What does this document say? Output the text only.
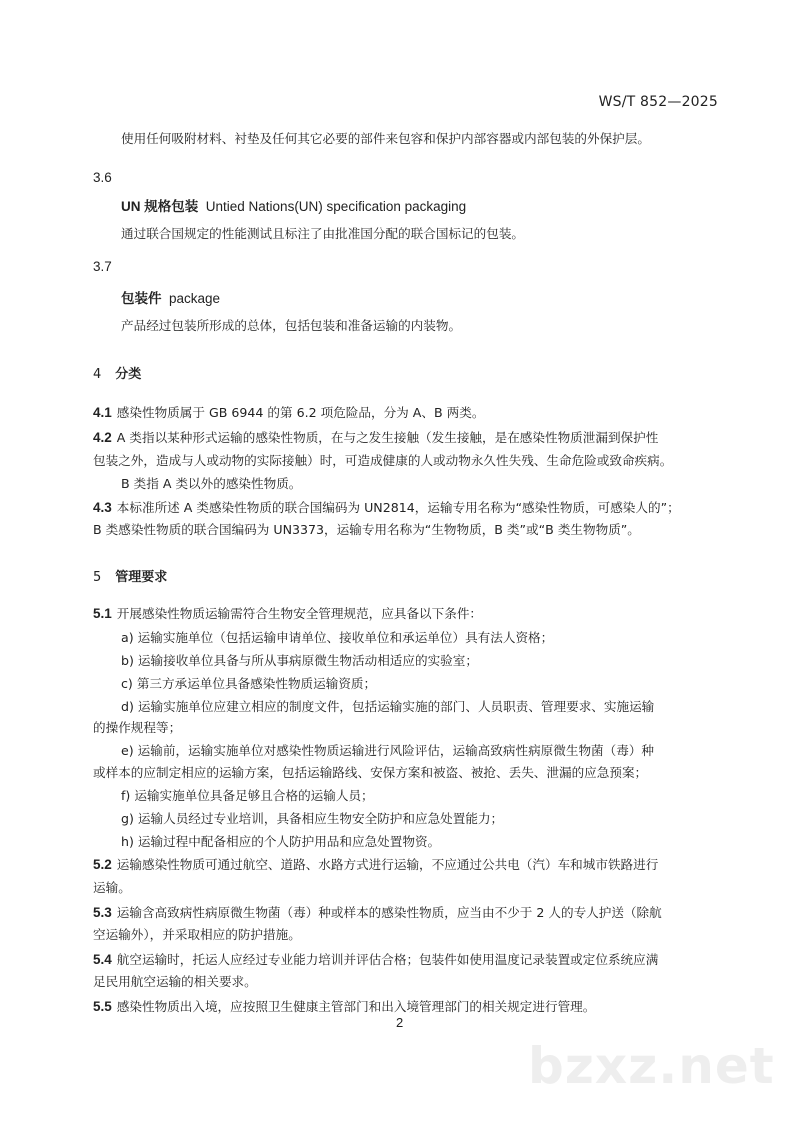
WS/T 852—2025
使用任何吸附材料、衬垫及任何其它必要的部件来包容和保护内部容器或内部包装的外保护层。
3.6
UN 规格包装 Untied Nations(UN) specification packaging
通过联合国规定的性能测试且标注了由批准国分配的联合国标记的包装。
3.7
包装件 package
产品经过包装所形成的总体，包括包装和准备运输的内装物。
4 分类
4.1 感染性物质属于 GB 6944 的第 6.2 项危险品，分为 A、B 两类。
4.2 A 类指以某种形式运输的感染性物质，在与之发生接触（发生接触，是在感染性物质泄漏到保护性
包装之外，造成与人或动物的实际接触）时，可造成健康的人或动物永久性失残、生命危险或致命疾病。
B 类指 A 类以外的感染性物质。
4.3 本标准所述 A 类感染性物质的联合国编码为 UN2814，运输专用名称为“感染性物质，可感染人的”；
B 类感染性物质的联合国编码为 UN3373，运输专用名称为“生物物质，B 类”或“B 类生物物质”。
5 管理要求
5.1 开展感染性物质运输需符合生物安全管理规范，应具备以下条件：
a) 运输实施单位（包括运输申请单位、接收单位和承运单位）具有法人资格；
b) 运输接收单位具备与所从事病原微生物活动相适应的实验室；
c) 第三方承运单位具备感染性物质运输资质；
d) 运输实施单位应建立相应的制度文件，包括运输实施的部门、人员职责、管理要求、实施运输
的操作规程等；
e) 运输前，运输实施单位对感染性物质运输进行风险评估，运输高致病性病原微生物菌（毒）种
或样本的应制定相应的运输方案，包括运输路线、安保方案和被盗、被抢、丢失、泄漏的应急预案；
f) 运输实施单位具备足够且合格的运输人员；
g) 运输人员经过专业培训，具备相应生物安全防护和应急处置能力；
h) 运输过程中配备相应的个人防护用品和应急处置物资。
5.2 运输感染性物质可通过航空、道路、水路方式进行运输，不应通过公共电（汽）车和城市铁路进行
运输。
5.3 运输含高致病性病原微生物菌（毒）种或样本的感染性物质，应当由不少于 2 人的专人护送（除航
空运输外），并采取相应的防护措施。
5.4 航空运输时，托运人应经过专业能力培训并评估合格；包装件如使用温度记录装置或定位系统应满
足民用航空运输的相关要求。
5.5 感染性物质出入境，应按照卫生健康主管部门和出入境管理部门的相关规定进行管理。
2
bzxz.net
